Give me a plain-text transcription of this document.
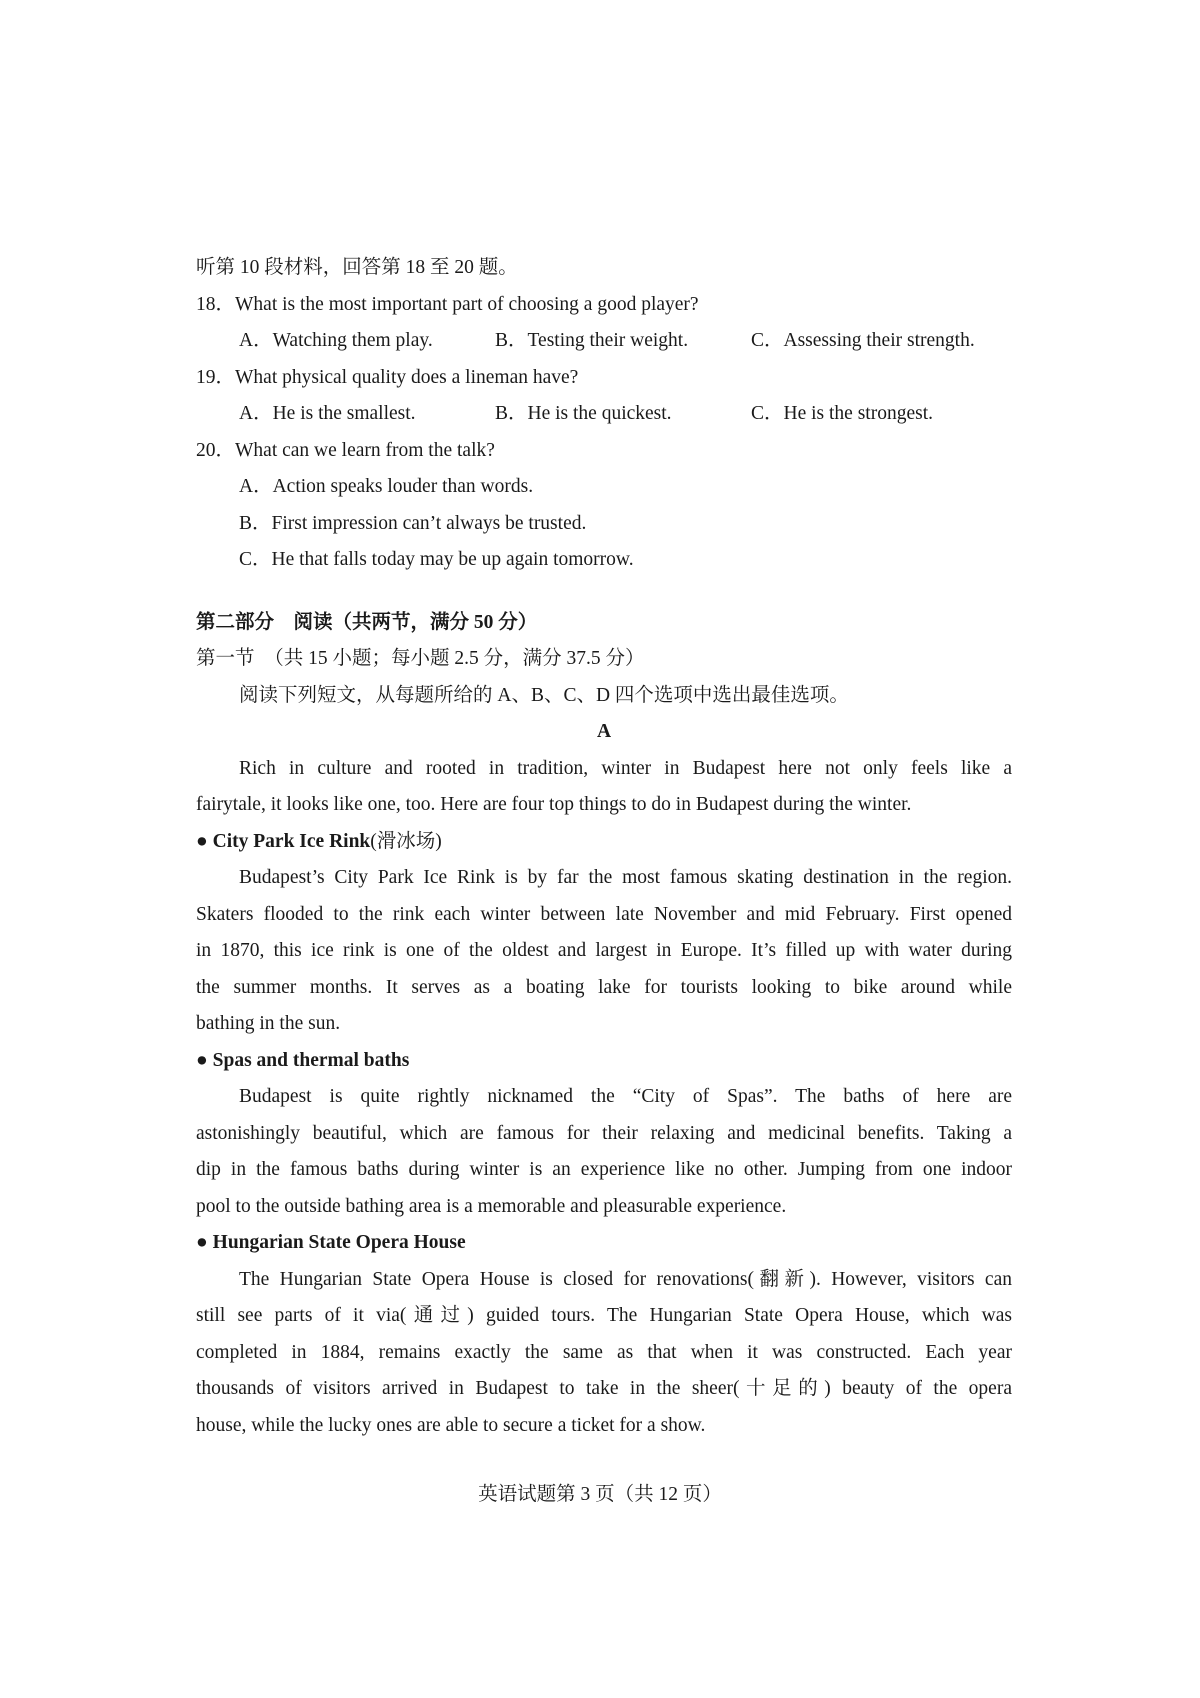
听第 10 段材料，回答第 18 至 20 题。
18．What is the most important part of choosing a good player?
A．Watching them play.	B．Testing their weight.	C．Assessing their strength.
19．What physical quality does a lineman have?
A．He is the smallest.	B．He is the quickest.	C．He is the strongest.
20．What can we learn from the talk?
A．Action speaks louder than words.
B．First impression can’t always be trusted.
C．He that falls today may be up again tomorrow.
第二部分　阅读（共两节，满分 50 分）
第一节　（共 15 小题；每小题 2.5 分，满分 37.5 分）
阅读下列短文，从每题所给的 A、B、C、D 四个选项中选出最佳选项。
A
Rich in culture and rooted in tradition, winter in Budapest here not only feels like a
fairytale, it looks like one, too. Here are four top things to do in Budapest during the winter.
● City Park Ice Rink(滑冰场)
Budapest’s City Park Ice Rink is by far the most famous skating destination in the region.
Skaters flooded to the rink each winter between late November and mid February. First opened
in 1870, this ice rink is one of the oldest and largest in Europe. It’s filled up with water during
the summer months. It serves as a boating lake for tourists looking to bike around while
bathing in the sun.
● Spas and thermal baths
Budapest is quite rightly nicknamed the “City of Spas”. The baths of here are
astonishingly beautiful, which are famous for their relaxing and medicinal benefits. Taking a
dip in the famous baths during winter is an experience like no other. Jumping from one indoor
pool to the outside bathing area is a memorable and pleasurable experience.
● Hungarian State Opera House
The Hungarian State Opera House is closed for renovations(翻新). However, visitors can
still see parts of it via(通过) guided tours. The Hungarian State Opera House, which was
completed in 1884, remains exactly the same as that when it was constructed. Each year
thousands of visitors arrived in Budapest to take in the sheer(十足的) beauty of the opera
house, while the lucky ones are able to secure a ticket for a show.
英语试题第 3 页（共 12 页）
